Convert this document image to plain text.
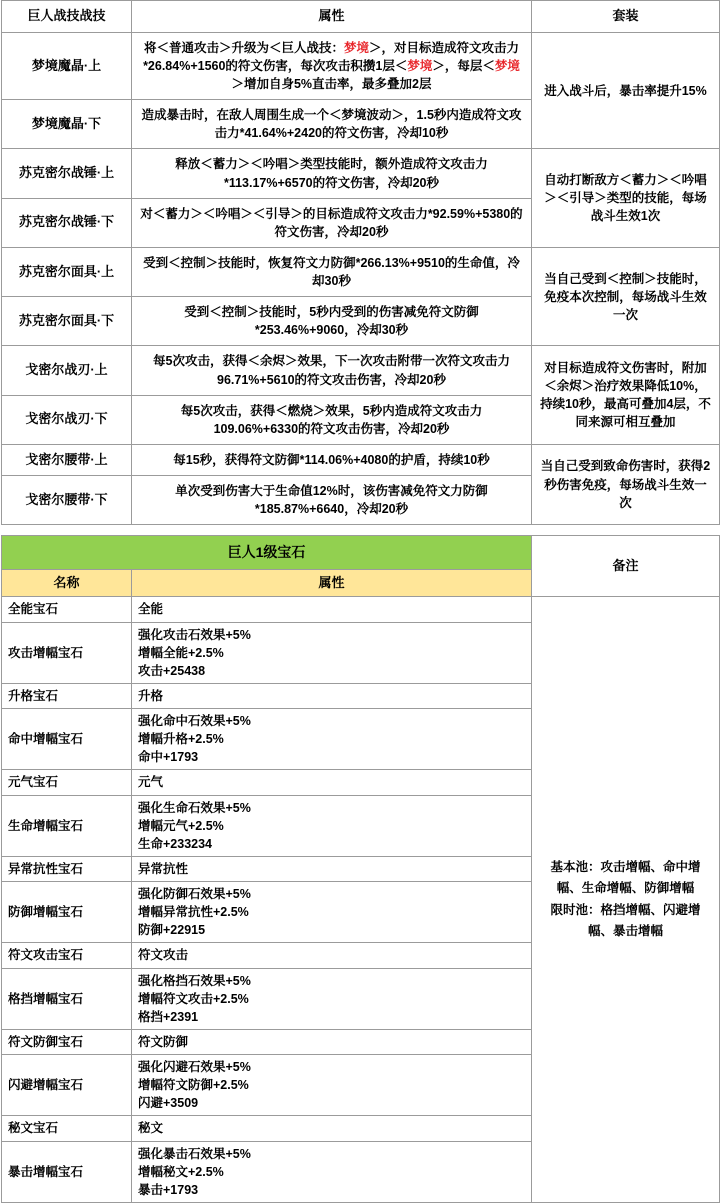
巨人战技战技	属性	套装
梦境魔晶·上	将＜普通攻击＞升级为＜巨人战技：梦境＞，对目标造成符文攻击力*26.84%+1560的符文伤害，每次攻击积攒1层＜梦境＞，每层＜梦境＞增加自身5%直击率，最多叠加2层	进入战斗后，暴击率提升15%
梦境魔晶·下	造成暴击时，在敌人周围生成一个＜梦境波动＞，1.5秒内造成符文攻击力*41.64%+2420的符文伤害，冷却10秒	
苏克密尔战锤·上	释放＜蓄力＞＜吟唱＞类型技能时，额外造成符文攻击力*113.17%+6570的符文伤害，冷却20秒	自动打断敌方＜蓄力＞＜吟唱＞＜引导＞类型的技能，每场战斗生效1次
苏克密尔战锤·下	对＜蓄力＞＜吟唱＞＜引导＞的目标造成符文攻击力*92.59%+5380的符文伤害，冷却20秒	
苏克密尔面具·上	受到＜控制＞技能时，恢复符文力防御*266.13%+9510的生命值，冷却30秒	当自己受到＜控制＞技能时，免疫本次控制，每场战斗生效一次
苏克密尔面具·下	受到＜控制＞技能时，5秒内受到的伤害减免符文防御*253.46%+9060，冷却30秒	
戈密尔战刃·上	每5次攻击，获得＜余烬＞效果，下一次攻击附带一次符文攻击力96.71%+5610的符文攻击伤害，冷却20秒	对目标造成符文伤害时，附加＜余烬＞治疗效果降低10%，持续10秒，最高可叠加4层，不同来源可相互叠加
戈密尔战刃·下	每5次攻击，获得＜燃烧＞效果，5秒内造成符文攻击力109.06%+6330的符文攻击伤害，冷却20秒	
戈密尔腰带·上	每15秒，获得符文防御*114.06%+4080的护盾，持续10秒	当自己受到致命伤害时，获得2秒伤害免疫，每场战斗生效一次
戈密尔腰带·下	单次受到伤害大于生命值12%时，该伤害减免符文力防御*185.87%+6640，冷却20秒	
巨人1级宝石		备注
名称	属性	
全能宝石	全能	基本池：攻击增幅、命中增
幅、生命增幅、防御增幅
限时池：格挡增幅、闪避增
幅、暴击增幅

攻击增幅宝石	强化攻击石效果+5%
增幅全能+2.5%
攻击+25438	

升格宝石	升格	

命中增幅宝石	强化命中石效果+5%
增幅升格+2.5%
命中+1793	

元气宝石	元气	

生命增幅宝石	强化生命石效果+5%
增幅元气+2.5%
生命+233234	

异常抗性宝石	异常抗性	

防御增幅宝石	强化防御石效果+5%
增幅异常抗性+2.5%
防御+22915	

符文攻击宝石	符文攻击	

格挡增幅宝石	强化格挡石效果+5%
增幅符文攻击+2.5%
格挡+2391	

符文防御宝石	符文防御	

闪避增幅宝石	强化闪避石效果+5%
增幅符文防御+2.5%
闪避+3509	

秘文宝石	秘文	

暴击增幅宝石	强化暴击石效果+5%
增幅秘文+2.5%
暴击+1793	
